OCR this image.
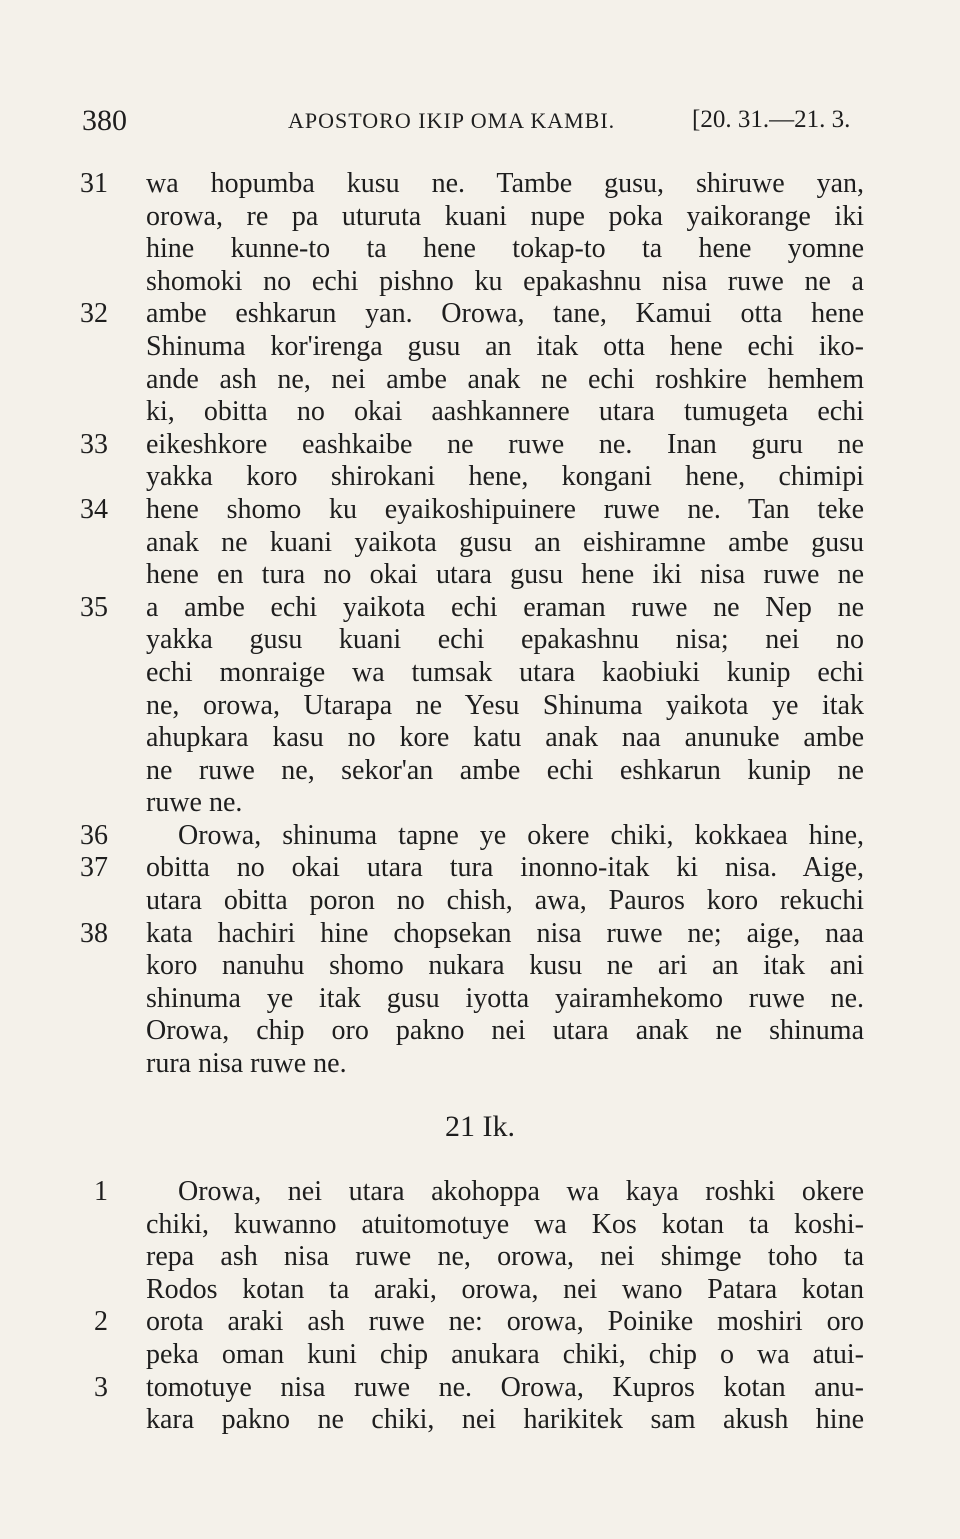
380	APOSTORO IKIP OMA KAMBI.	[20. 31.—21. 3.
31	wa hopumba kusu ne. Tambe gusu, shiruwe yan,
orowa, re pa uturuta kuani nupe poka yaikorange iki
hine kunne-to ta hene tokap-to ta hene yomne
shomoki no echi pishno ku epakashnu nisa ruwe ne a
32	ambe eshkarun yan. Orowa, tane, Kamui otta hene
Shinuma kor'irenga gusu an itak otta hene echi iko-
ande ash ne, nei ambe anak ne echi roshkire hemhem
ki, obitta no okai aashkannere utara tumugeta echi
33	eikeshkore eashkaibe ne ruwe ne. Inan guru ne
yakka koro shirokani hene, kongani hene, chimipi
34	hene shomo ku eyaikoshipuinere ruwe ne. Tan teke
anak ne kuani yaikota gusu an eishiramne ambe gusu
hene en tura no okai utara gusu hene iki nisa ruwe ne
35	a ambe echi yaikota echi eraman ruwe ne Nep ne
yakka gusu kuani echi epakashnu nisa; nei no
echi monraige wa tumsak utara kaobiuki kunip echi
ne, orowa, Utarapa ne Yesu Shinuma yaikota ye itak
ahupkara kasu no kore katu anak naa anunuke ambe
ne ruwe ne, sekor'an ambe echi eshkarun kunip ne
ruwe ne.
36	Orowa, shinuma tapne ye okere chiki, kokkaea hine,
37	obitta no okai utara tura inonno-itak ki nisa. Aige,
utara obitta poron no chish, awa, Pauros koro rekuchi
38	kata hachiri hine chopsekan nisa ruwe ne; aige, naa
koro nanuhu shomo nukara kusu ne ari an itak ani
shinuma ye itak gusu iyotta yairamhekomo ruwe ne.
Orowa, chip oro pakno nei utara anak ne shinuma
rura nisa ruwe ne.
21 Ik.
1	Orowa, nei utara akohoppa wa kaya roshki okere
chiki, kuwanno atuitomotuye wa Kos kotan ta koshi-
repa ash nisa ruwe ne, orowa, nei shimge toho ta
Rodos kotan ta araki, orowa, nei wano Patara kotan
2	orota araki ash ruwe ne: orowa, Poinike moshiri oro
peka oman kuni chip anukara chiki, chip o wa atui-
3	tomotuye nisa ruwe ne. Orowa, Kupros kotan anu-
kara pakno ne chiki, nei harikitek sam akush hine
